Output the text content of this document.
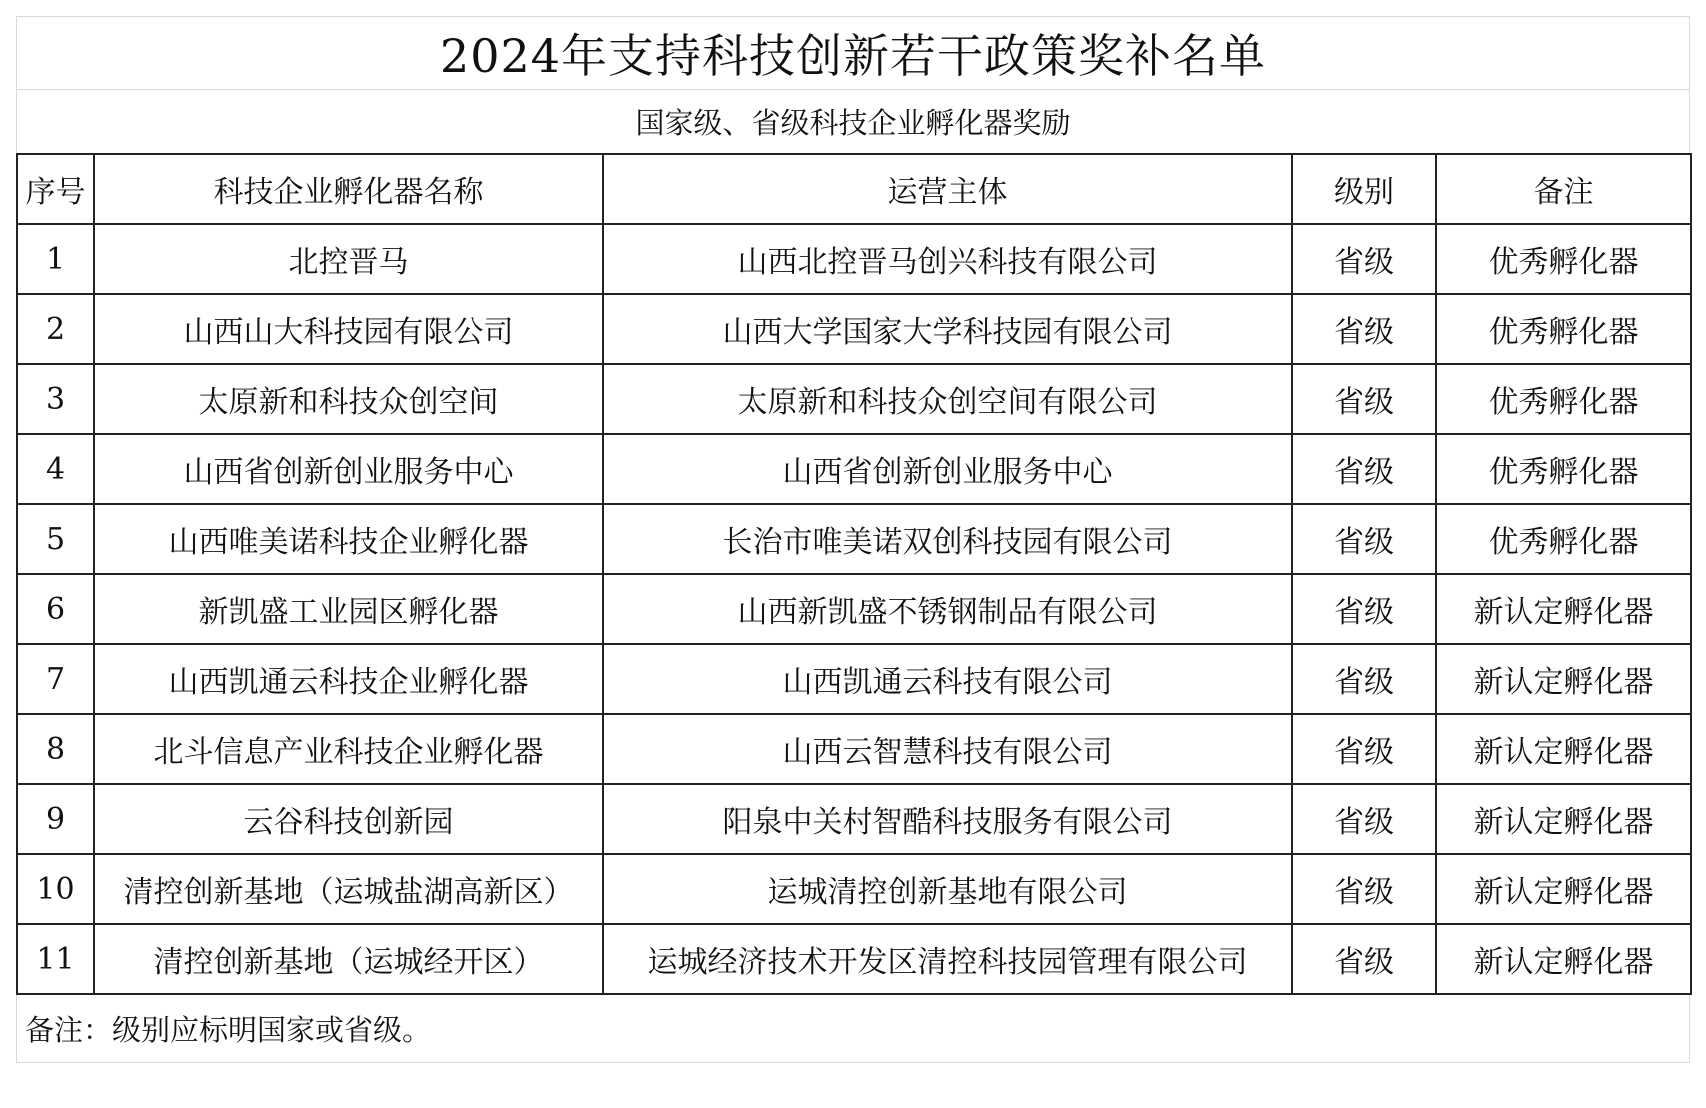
2024年支持科技创新若干政策奖补名单
国家级、省级科技企业孵化器奖励
序号	科技企业孵化器名称	运营主体	级别	备注
1	北控晋马	山西北控晋马创兴科技有限公司	省级	优秀孵化器
2	山西山大科技园有限公司	山西大学国家大学科技园有限公司	省级	优秀孵化器
3	太原新和科技众创空间	太原新和科技众创空间有限公司	省级	优秀孵化器
4	山西省创新创业服务中心	山西省创新创业服务中心	省级	优秀孵化器
5	山西唯美诺科技企业孵化器	长治市唯美诺双创科技园有限公司	省级	优秀孵化器
6	新凯盛工业园区孵化器	山西新凯盛不锈钢制品有限公司	省级	新认定孵化器
7	山西凯通云科技企业孵化器	山西凯通云科技有限公司	省级	新认定孵化器
8	北斗信息产业科技企业孵化器	山西云智慧科技有限公司	省级	新认定孵化器
9	云谷科技创新园	阳泉中关村智酷科技服务有限公司	省级	新认定孵化器
10	清控创新基地（运城盐湖高新区）	运城清控创新基地有限公司	省级	新认定孵化器
11	清控创新基地（运城经开区）	运城经济技术开发区清控科技园管理有限公司	省级	新认定孵化器
备注：级别应标明国家或省级。
